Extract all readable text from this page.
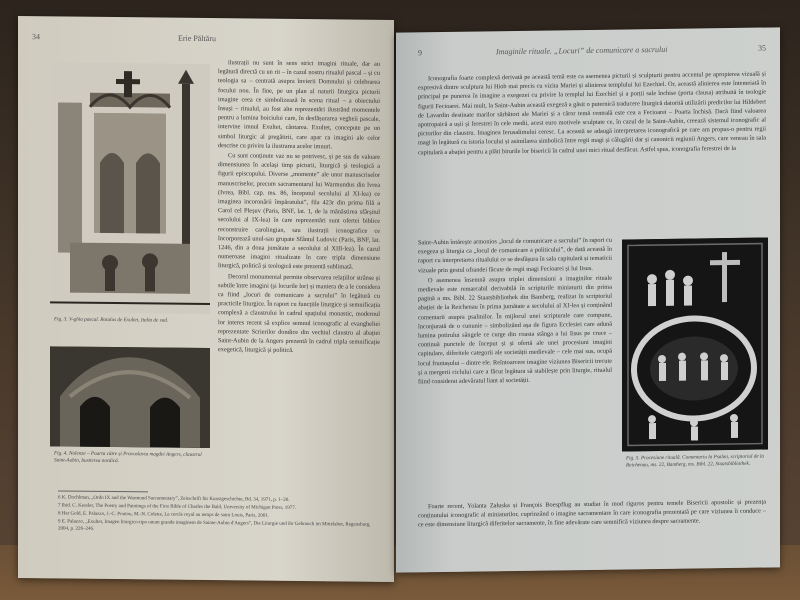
34	Erie Păltăru
Fig. 3. V-ghia pascal. Rotulus de Exultet, Italia de sud.
Fig. 4. Nolenze – Poarta către și Pravoslavia magdei Angers, claustrul Saint-Aubin, bustierea nordică.

ilustrații nu sunt în sens strict imagini rituale, dar au legătură directă cu un rit – în cazul nostru ritualul pascal – și cu teologia sa – centrată asupra învierii Domnului și celebrarea focului nou. În fine, pe un plan al naturii liturgica picturii imagine ceea ce simbolizează în scena ritual – a obiectului însuși – ritualul, au fost alte reprezentări ilustrând momentele pentru a lumina boiciului care, în desfășurarea vegheii pascale, intervine imnul Exultet, cântarea. Exultet, concepute pe un simbol liturgic al pregătirii, care apar ca imagini ale celor descrise cu privire la ilustrarea acelor imnuri.

Cu sunt conținute vaz nu se potrivesc, și pe sus de valoare dimensiunea în același timp picturii, liturgică și teologică a figurii episcopului. Diverse „momente” ale unor manuscriselor manuscriselor, precum sacramentarul lui Warmundus din Ivrea (Ivrea, Bibl. cap. ms. 86, începutul secolului al XI-lea) ce imaginea incoronării împăratului”, fila 423r din prima filă a Carol cel Pleșuv (Paris, BNF, lat. 1, de la mănăstirea sfârșitul secolului al IX-lea) în care reprezentări sunt ofertei biblice reconstruire carolingian, sau ilustrații iconografice ce încorporează unul-sau grupate Sfântul Ludovic (Paris, BNF, lat. 1246, din a doua jumătate a secolului al XIII-lea). În cazul numeroase imagini ritualizate în care tripla dimensiune liturgică, politică și teologică este prezentă sublimată.

Decorul monumental permite observarea relațiilor strânse și subtile între imagini (și locurile lor) și maniera de a le considera ca fiind „locuri de comunicare a sacrului” în legătură cu practicile liturgice. În raport cu funcțiile liturgice și semnificația complexă a claustrului în cadrul spațiului monastic, modernul lor interes recent să explice semnul iconografic al evangheliei reprezentate Scrierilor dondice din vechiul claustru al abației Saint-Aubin de la Angers prezentă în cadrul tripla semnificație exegetică, liturgică și politică.

6 K. Dochlman, „Ordo IX and the Warmund Sacramentary”, Zeitschrift für Kunstgeschichte, Bd. 34, 1971, p. 1–20.
7 Ibid. C. Kessler, The Poetry and Paintings of the First Bible of Charles the Bald, University of Michigan Press, 1977.
8 Har Gold, E. Palazzo, J.-C. Poutou, M.-N. Colette, Le cercle royal au temps de saint Louis, Paris, 2001.
9 E. Palazzo, „Exultet, Imagen liturgico-tipo unum grande imaginem de Sainte-Aubin d'Angers”, Die Liturgie und ihr Gebrauch im Mittelalter, Regensburg, 2004, p. 226–246.
9	Imaginile rituale. „Locuri” de comunicare a sacrului	35

Iconografia foarte complexă derivată pe această temă este ca asemenea picturii și sculpturii pentru accentul pe apropierea vizuală și expresivă dintre sculptura lui Hiob mai precis cu vizita Mariei și alinierea templului lui Ezechiel. Or, această alinierea este întemeiată în principal pe punerea în imagine a exegezei cu privire la templul lui Ezechiel și a porții sale închise (porta clausa) atribuită în teologie figurii Fecioarei. Mai mult, la Saint-Aubin această exegeză a găsit o puternică traducere liturgică datorită utilizării predicilor lui Hildebert de Lavardin destinate marilor sărbători ale Mariei și a căror temă centrală este cea a Fecioarei – Poarta închisă. Dacă fiind valoarea apotropaică a ușii și ferestrei în cele medii, acest euro motivele sculptate ce, în cazul de la Saint-Aubin, creează sistemul iconografic al pictorilor din claustru. Imaginea Ierusalimului ceresc. La această se adaugă interpretarea iconografică pe care am propus-o pentru regii magi în legătură cu istoria locului și asimilarea simbolică între regii magi și călugării dar și canonicii regiunii Angers, care veneau în sala capitulară a abației pentru a plăti birurile lor bisericii în cadrul unei mici ritual desfăcut. Astfel spus, iconografia ferestrei de la

Saint-Aubin întărește armonios „locul de comunicare a sacrului” în raport cu exegeza și liturgia ca „locul de comunicare a politicului”, de dată această în raport cu interpretarea ritualului ce se desfășura în sala capitulară și tematicii vizuale prin gestul ofrandei făcute de regii magi Fecioarei și lui Iisus.

O asemenea însemnă asupra triplei dimensiuni a imaginilor rituale medievale este remarcabil derivabilă în scripturile miniaturii din prima pagină a ms. Bibl. 22 Staatsbibliothek din Bamberg, realizat în scriptoriul abației de la Reichenau în prima jumătate a secolului al XI-lea și conținând comentarii asupra psalmilor. În mijlocul unei scripturale care compune, înconjurată de o cununie – simbolizând așa de figura Ecclesiei care adună lumina potirului sângele ce curge din coasta stânga a lui Iisus pe cruce – continuă punctele de început și și ofertă ale unei procesiuni imagini capitulare, diferitele categorii ale societății medievale – cele mai sus, ocupă locul fruntașului – dintre ele. Reîntoarcere imagine viziunea Bisericii trecute și a mergerii ciclului care a făcut legătura să stabilește prin liturgie, ritualul fiind considerat adevăratul liant al societății.

Fig. 5. Procesiune rituală. Comentariu la Psalmi, scriptoriul de la Reichenau, ms. 22, Bamberg, ms. Bibl. 22, Staatsbibliothek.

Foarte recent, Yolanta Załuska și François Boespflug au studiat în mod riguros pentru temele Bisericii apostolic și prezența conținutului iconografic al miniaturilor, cuprinzând o imagine sacramentare în care iconografia prezentată pe care viziunea îi conduce – ce este dimensiune liturgică diferitelor sacramente, în fine adevărate care semnifică viziunea despre sacramente.
